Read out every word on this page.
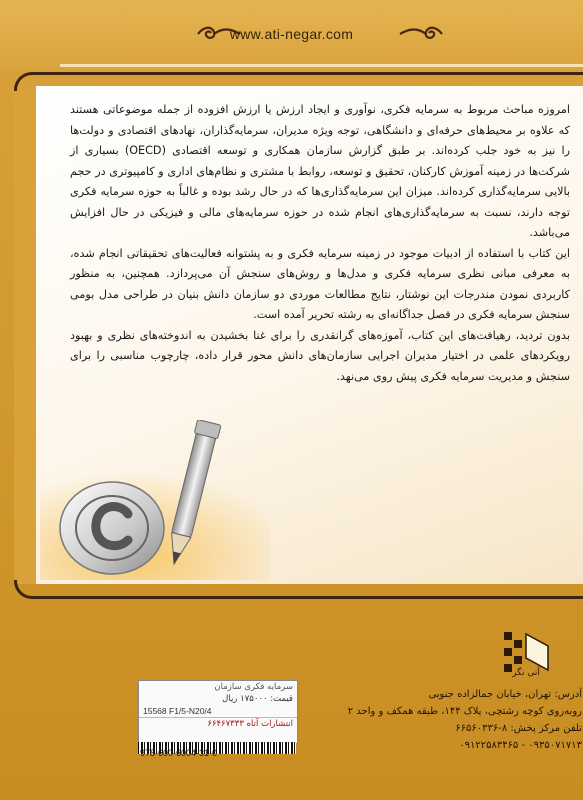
www.ati-negar.com

امروزه مباحث مربوط به سرمایه فکری، نوآوری و ایجاد ارزش یا ارزش افزوده از جمله موضوعاتی هستند که علاوه بر محیط‌های حرفه‌ای و دانشگاهی، توجه ویژه مدیران، سرمایه‌گذاران، نهادهای اقتصادی و دولت‌ها را نیز به خود جلب کرده‌اند. بر طبق گزارش سازمان همکاری و توسعه اقتصادی (OECD) بسیاری از شرکت‌ها در زمینه آموزش کارکنان، تحقیق و توسعه، روابط با مشتری و نظام‌های اداری و کامپیوتری در حجم بالایی سرمایه‌گذاری کرده‌اند. میزان این سرمایه‌گذاری‌ها که در حال رشد بوده و غالباً به حوزه سرمایه فکری توجه دارند، نسبت به سرمایه‌گذاری‌های انجام شده در حوزه سرمایه‌های مالی و فیزیکی در حال افزایش می‌باشد.

این کتاب با استفاده از ادبیات موجود در زمینه سرمایه فکری و به پشتوانه فعالیت‌های تحقیقاتی انجام شده، به معرفی مبانی نظری سرمایه فکری و مدل‌ها و روش‌های سنجش آن می‌پردازد. همچنین، به منظور کاربردی نمودن مندرجات این نوشتار، نتایج مطالعات موردی دو سازمان دانش بنیان در طراحی مدل بومی سنجش سرمایه فکری در فصل جداگانه‌ای به رشته تحریر آمده است.

بدون تردید، رهیافت‌های این کتاب، آموزه‌های گرانقدری را برای غنا بخشیدن به اندوخته‌های نظری و بهبود رویکردهای علمی در اختیار مدیران اجرایی سازمان‌های دانش محور قرار داده، چارچوب مناسبی را برای سنجش و مدیریت سرمایه فکری پیش روی می‌نهد.

آتی نگر
آدرس: تهران، خیابان جمالزاده جنوبی
روبه‌روی کوچه رشتچی، پلاک ۱۴۴، طبقه همکف و واحد ۲
تلفن مرکز پخش: ۸-۶۶۵۶۰۳۳۶
۰۹۳۵۰۷۱۷۱۳ - ۰۹۱۲۲۵۸۳۴۶۵
سرمایه فکری سازمان
قیمت: ۱۷۵۰۰۰ ریال
15568 F1/5-N20/4
انتشارات آتاه ۶۶۴۶۷۳۳۳
978-600-6004-31-0
